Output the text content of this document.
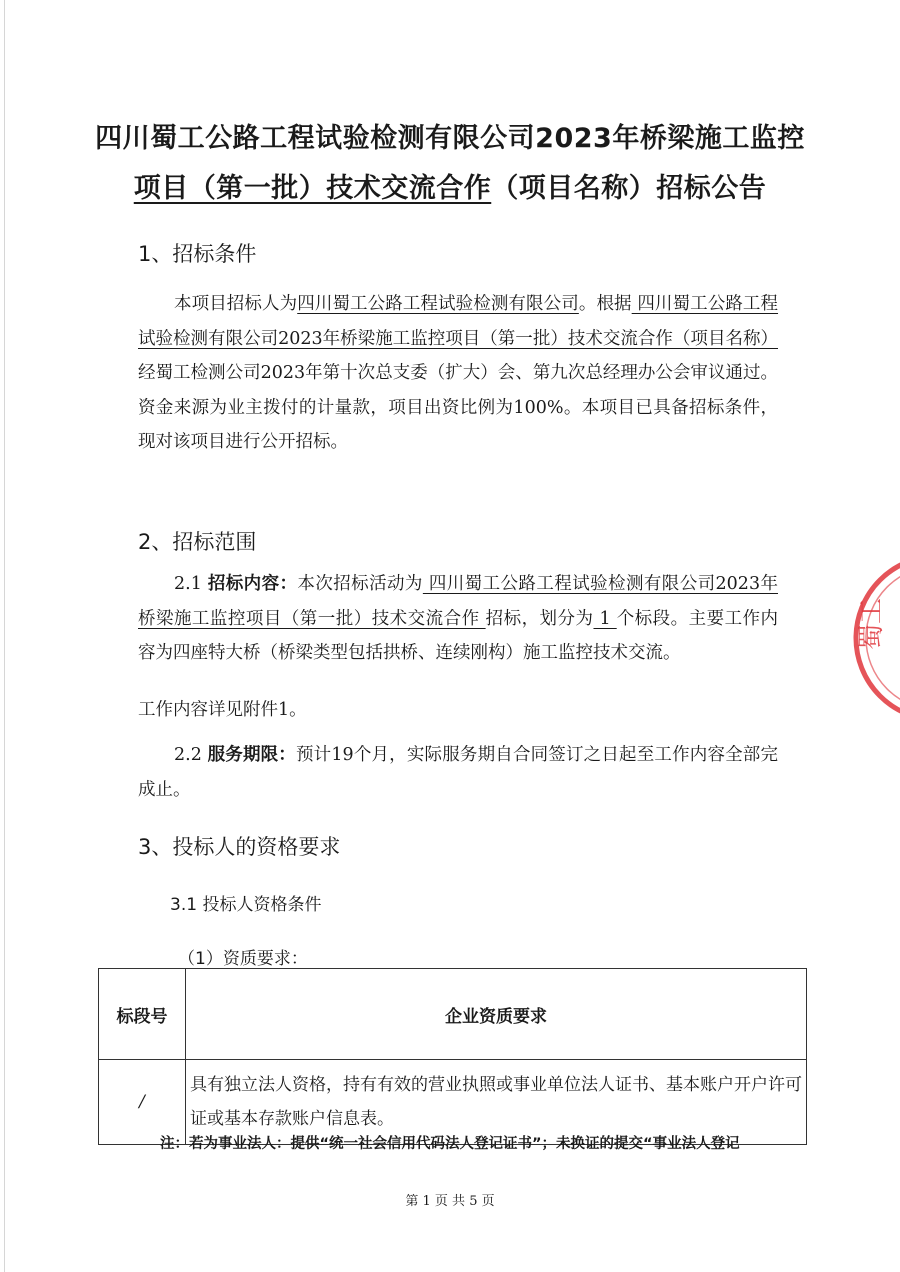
四川蜀工公路工程试验检测有限公司2023年桥梁施工监控
项目（第一批）技术交流合作（项目名称）招标公告
1、招标条件
本项目招标人为四川蜀工公路工程试验检测有限公司。根据 四川蜀工公路工程试验检测有限公司2023年桥梁施工监控项目（第一批）技术交流合作（项目名称）经蜀工检测公司2023年第十次总支委（扩大）会、第九次总经理办公会审议通过。资金来源为业主拨付的计量款，项目出资比例为100%。本项目已具备招标条件，现对该项目进行公开招标。
2、招标范围
2.1 招标内容：本次招标活动为 四川蜀工公路工程试验检测有限公司2023年桥梁施工监控项目（第一批）技术交流合作 招标，划分为 1 个标段。主要工作内容为四座特大桥（桥梁类型包括拱桥、连续刚构）施工监控技术交流。
工作内容详见附件1。
2.2 服务期限：预计19个月，实际服务期自合同签订之日起至工作内容全部完成止。
3、投标人的资格要求
3.1 投标人资格条件
（1）资质要求：
标段号	企业资质要求
/	具有独立法人资格，持有有效的营业执照或事业单位法人证书、基本账户开户许可证或基本存款账户信息表。
注：若为事业法人：提供“统一社会信用代码法人登记证书”；未换证的提交“事业法人登记
第 1 页 共 5 页
蜀工
